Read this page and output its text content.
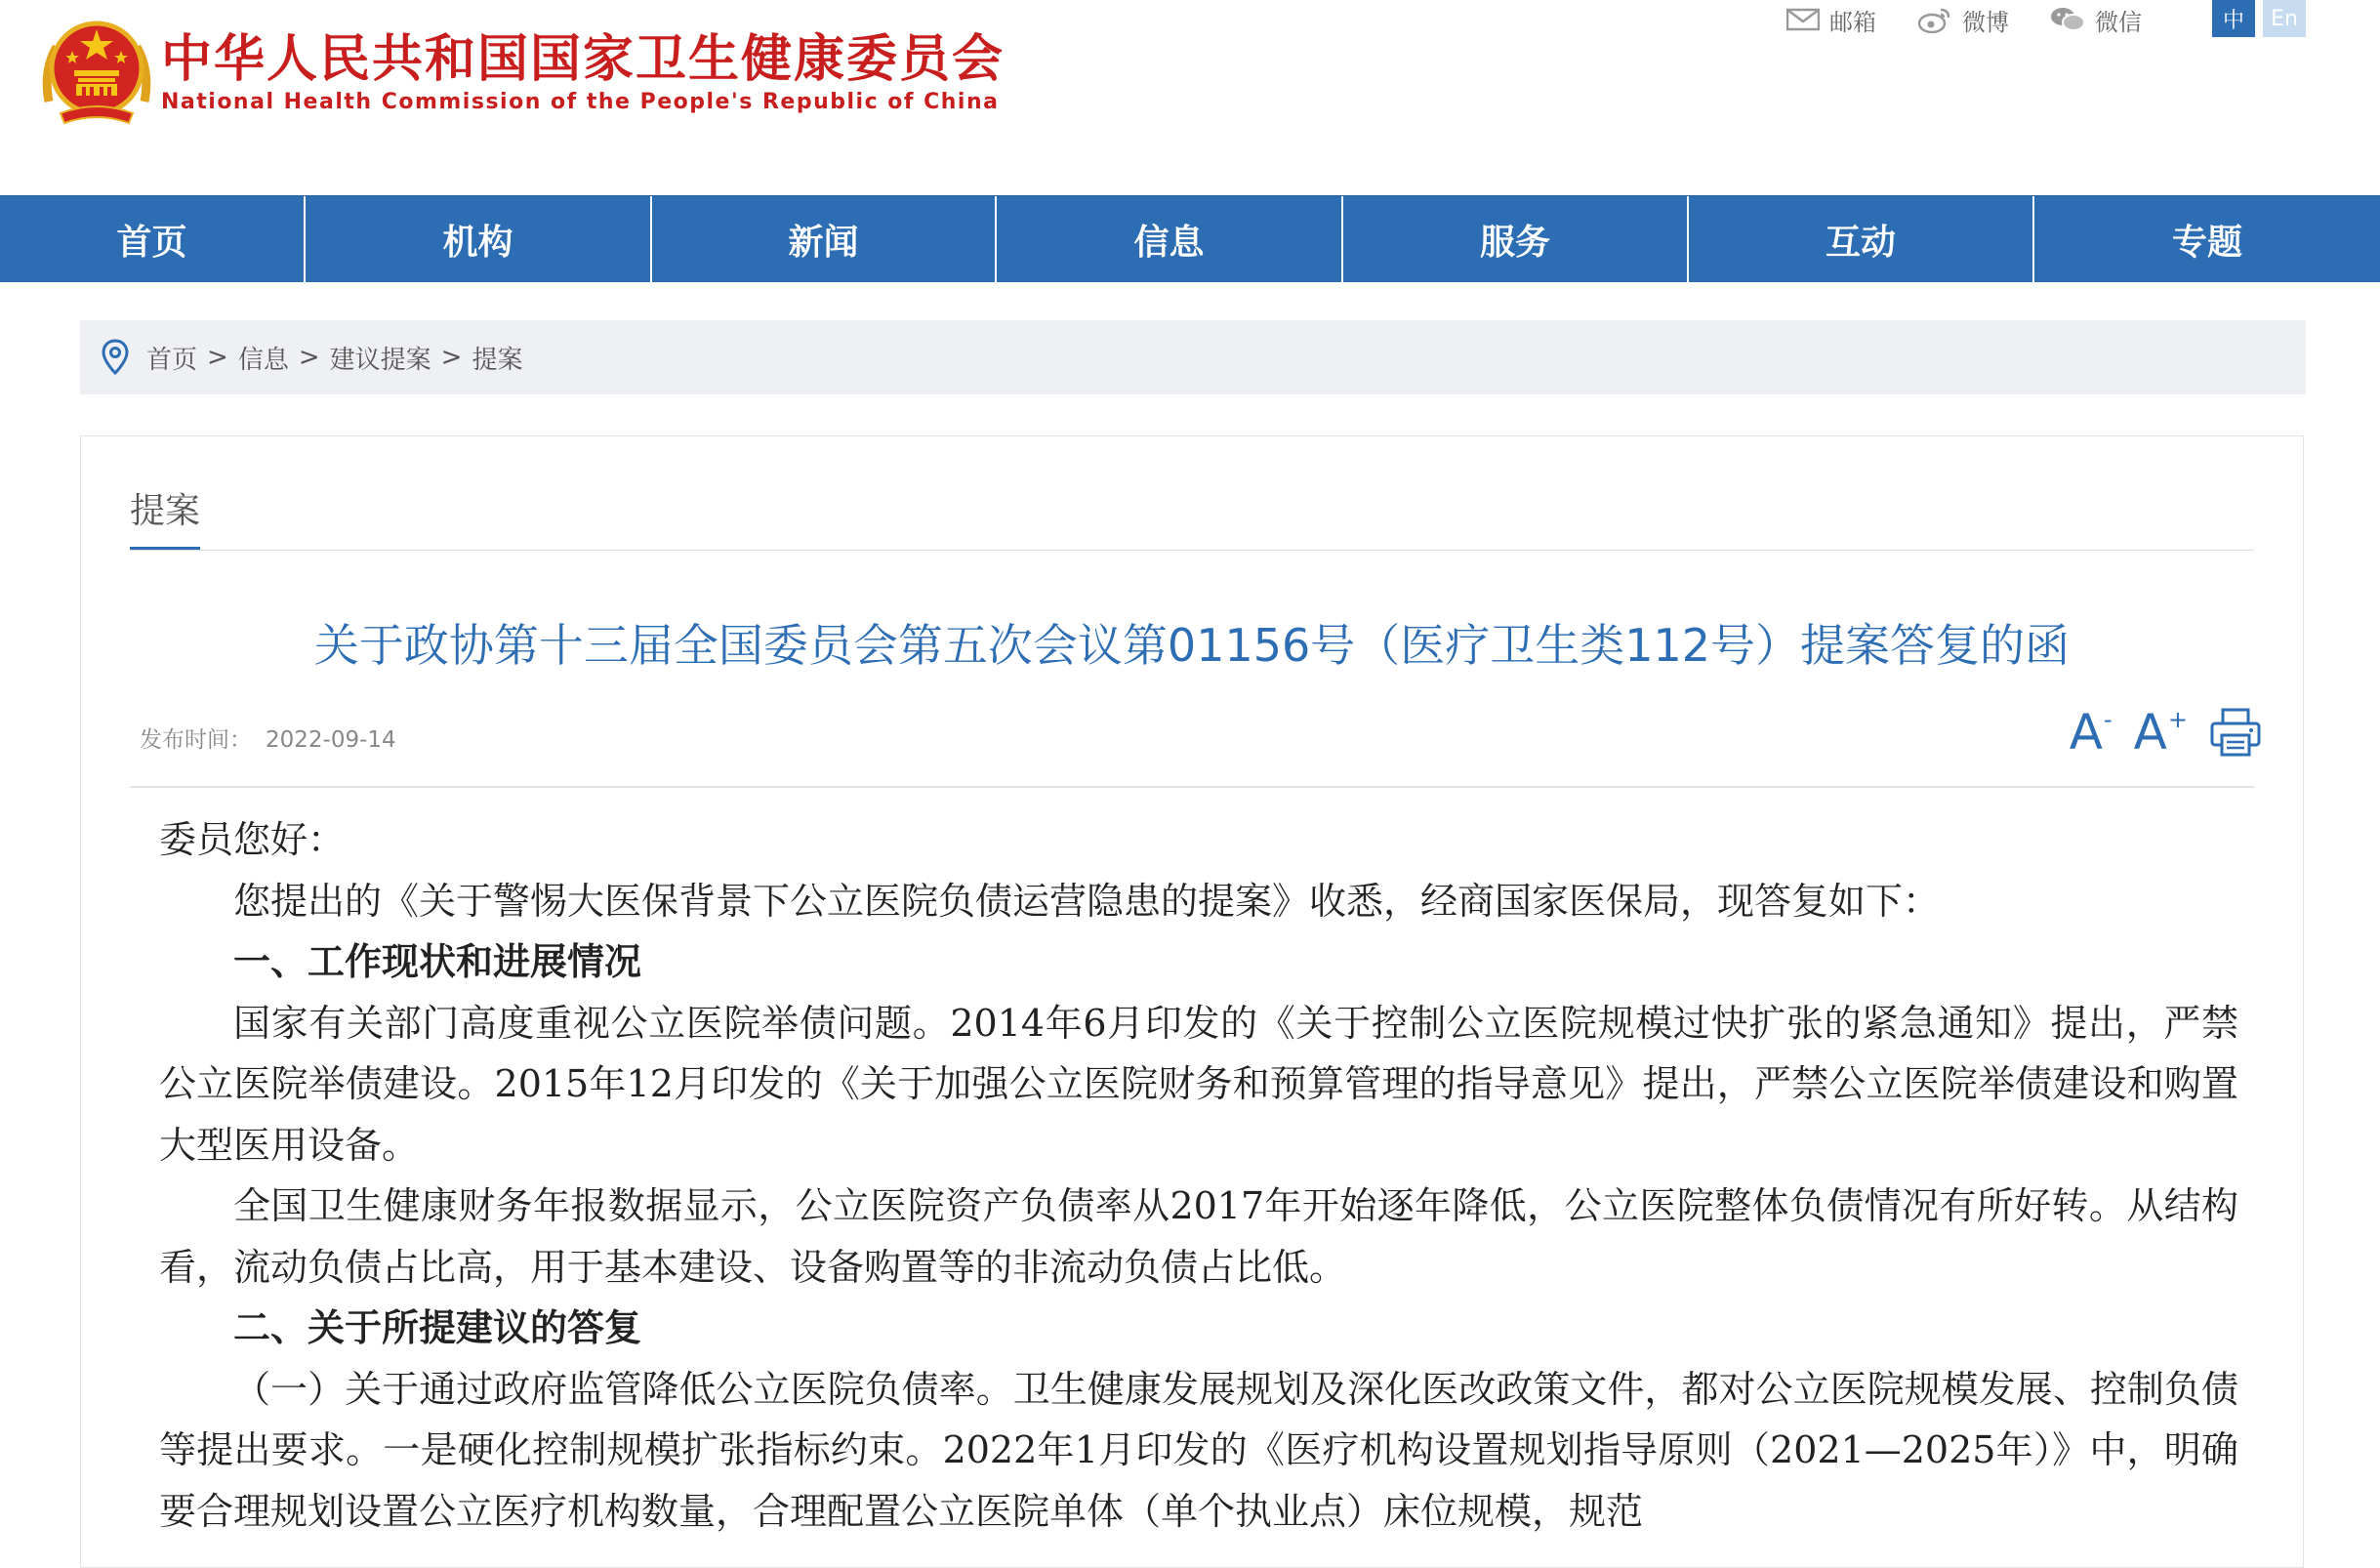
中华人民共和国国家卫生健康委员会
National Health Commission of the People's Republic of China
邮箱	微博	微信	中	En
首页	机构	新闻	信息	服务	互动	专题
首页 > 信息 > 建议提案 > 提案
提案
关于政协第十三届全国委员会第五次会议第01156号（医疗卫生类112号）提案答复的函
发布时间： 2022-09-14	A - A +

委员您好：

您提出的《关于警惕大医保背景下公立医院负债运营隐患的提案》收悉，经商国家医保局，现答复如下：

一、工作现状和进展情况

国家有关部门高度重视公立医院举债问题。2014年6月印发的《关于控制公立医院规模过快扩张的紧急通知》提出，严禁公立医院举债建设。2015年12月印发的《关于加强公立医院财务和预算管理的指导意见》提出，严禁公立医院举债建设和购置大型医用设备。

全国卫生健康财务年报数据显示，公立医院资产负债率从2017年开始逐年降低，公立医院整体负债情况有所好转。从结构看，流动负债占比高，用于基本建设、设备购置等的非流动负债占比低。

二、关于所提建议的答复

（一）关于通过政府监管降低公立医院负债率。卫生健康发展规划及深化医改政策文件，都对公立医院规模发展、控制负债等提出要求。一是硬化控制规模扩张指标约束。2022年1月印发的《医疗机构设置规划指导原则（2021—2025年）》中，明确要合理规划设置公立医疗机构数量，合理配置公立医院单体（单个执业点）床位规模，规范
